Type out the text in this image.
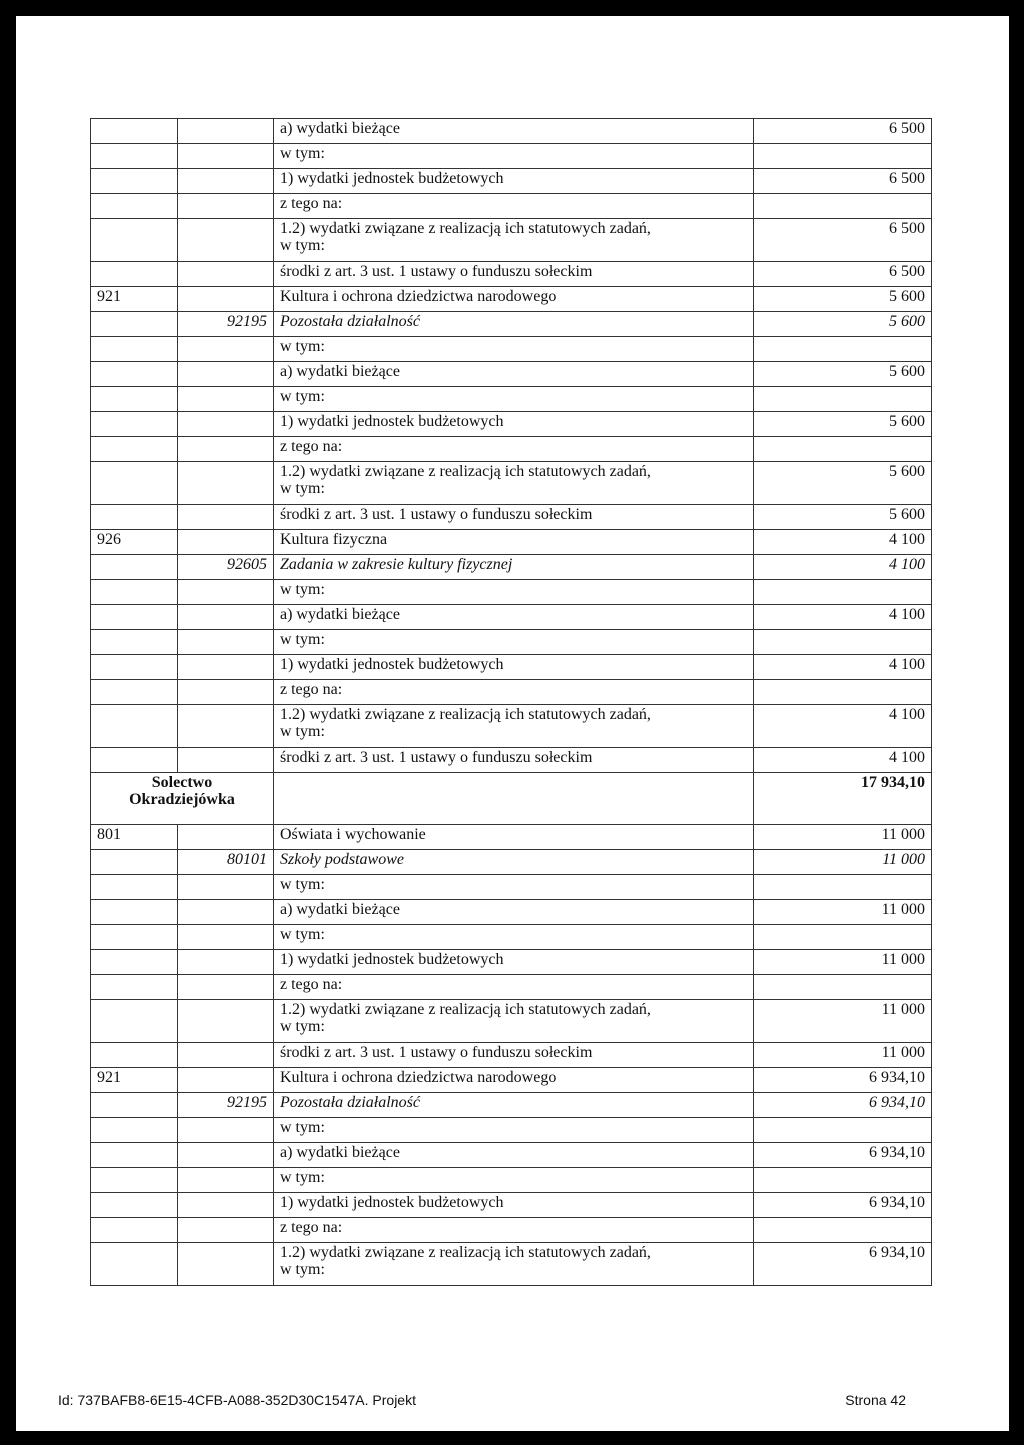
		a) wydatki bieżące	6 500

		w tym:	

		1) wydatki jednostek budżetowych	6 500

		z tego na:	

		1.2) wydatki związane z realizacją ich statutowych zadań,
w tym:	6 500

		środki z art. 3 ust. 1 ustawy o funduszu sołeckim	6 500
921		Kultura i ochrona dziedzictwa narodowego	5 600
	92195	Pozostała działalność	5 600

		w tym:	

		a) wydatki bieżące	5 600

		w tym:	

		1) wydatki jednostek budżetowych	5 600

		z tego na:	

		1.2) wydatki związane z realizacją ich statutowych zadań,
w tym:	5 600

		środki z art. 3 ust. 1 ustawy o funduszu sołeckim	5 600
926		Kultura fizyczna	4 100
	92605	Zadania w zakresie kultury fizycznej	4 100

		w tym:	

		a) wydatki bieżące	4 100

		w tym:	

		1) wydatki jednostek budżetowych	4 100

		z tego na:	

		1.2) wydatki związane z realizacją ich statutowych zadań,
w tym:	4 100

		środki z art. 3 ust. 1 ustawy o funduszu sołeckim	4 100

Solectwo
Okradziejówka			17 934,10
801		Oświata i wychowanie	11 000
	80101	Szkoły podstawowe	11 000

		w tym:	

		a) wydatki bieżące	11 000

		w tym:	

		1) wydatki jednostek budżetowych	11 000

		z tego na:	

		1.2) wydatki związane z realizacją ich statutowych zadań,
w tym:	11 000

		środki z art. 3 ust. 1 ustawy o funduszu sołeckim	11 000
921		Kultura i ochrona dziedzictwa narodowego	6 934,10
	92195	Pozostała działalność	6 934,10

		w tym:	

		a) wydatki bieżące	6 934,10

		w tym:	

		1) wydatki jednostek budżetowych	6 934,10

		z tego na:	

		1.2) wydatki związane z realizacją ich statutowych zadań,
w tym:	6 934,10
Id: 737BAFB8-6E15-4CFB-A088-352D30C1547A. Projekt	Strona 42
